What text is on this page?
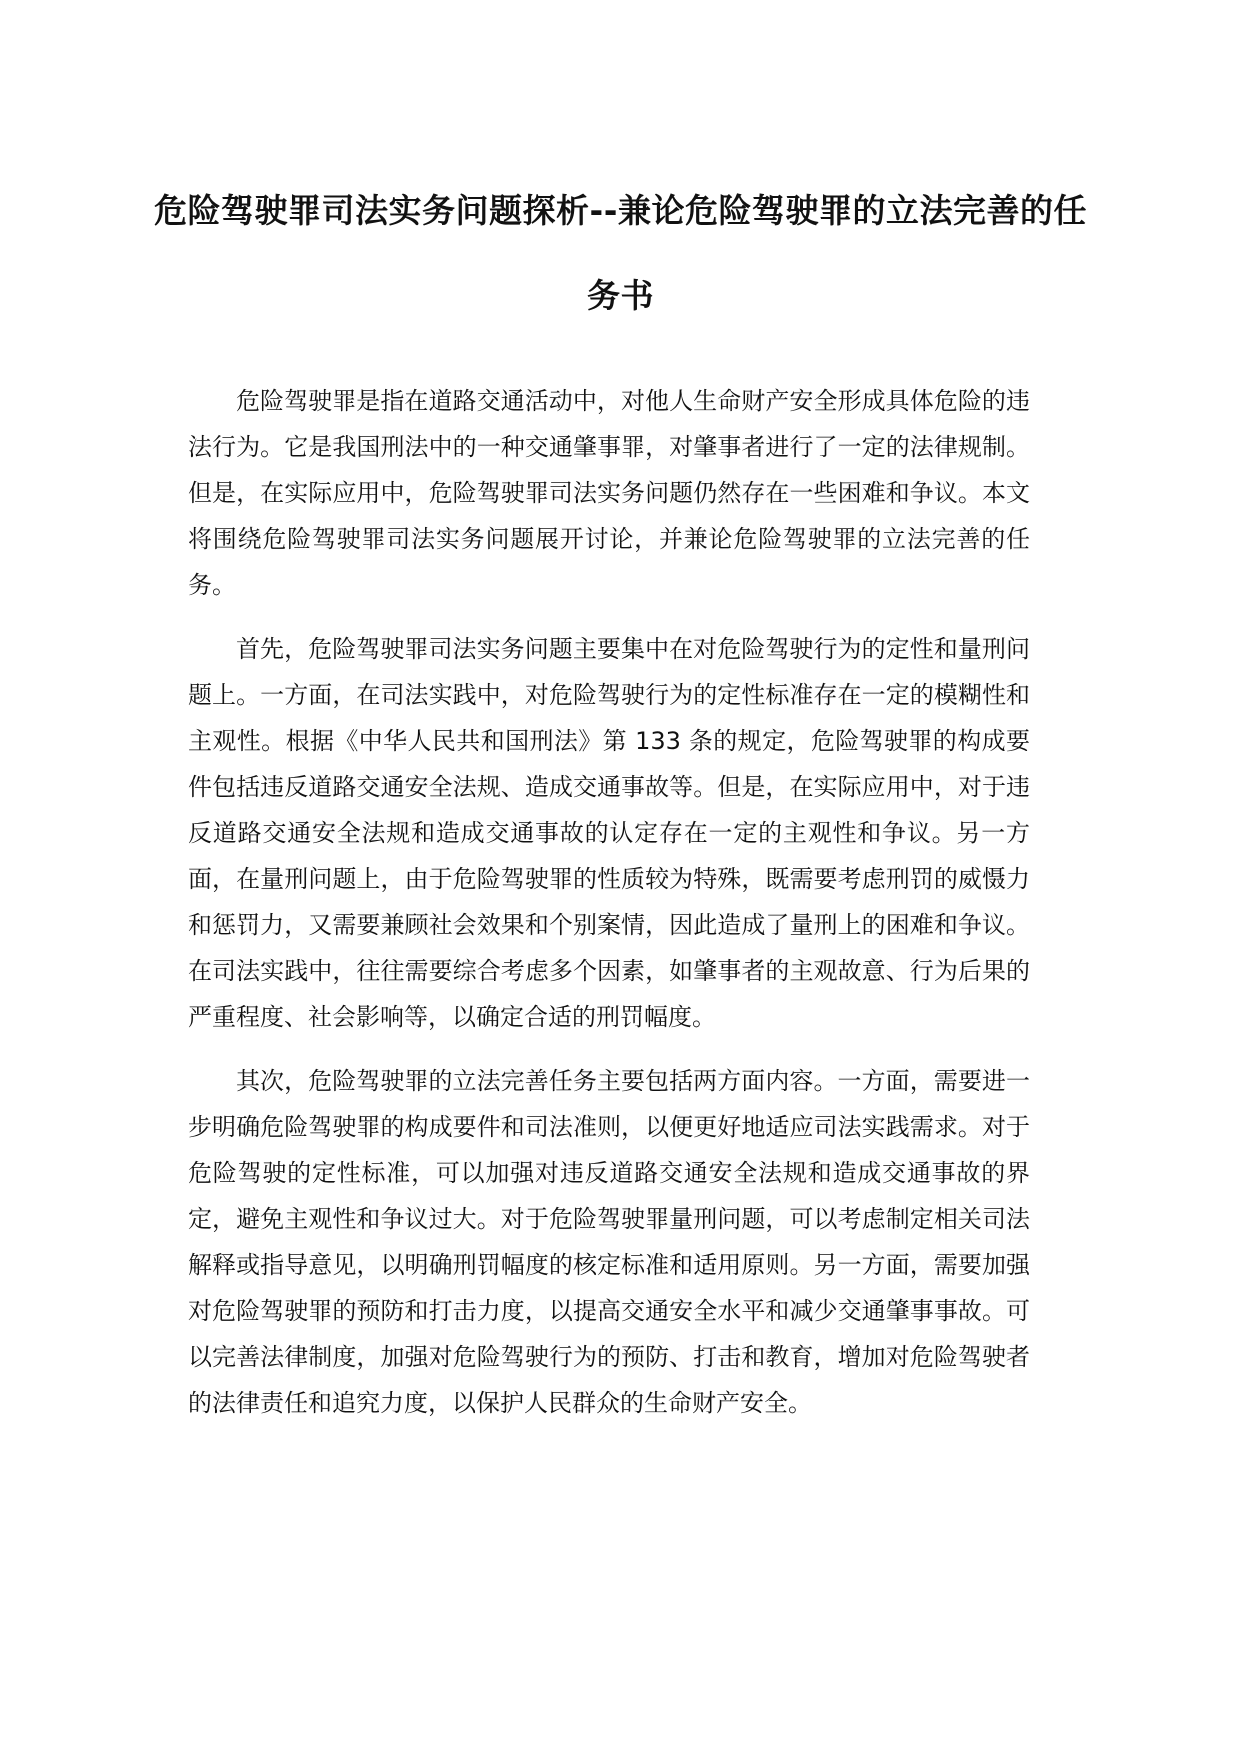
危险驾驶罪司法实务问题探析--兼论危险驾驶罪的立法完善的任务书

危险驾驶罪是指在道路交通活动中，对他人生命财产安全形成具体危险的违法行为。它是我国刑法中的一种交通肇事罪，对肇事者进行了一定的法律规制。但是，在实际应用中，危险驾驶罪司法实务问题仍然存在一些困难和争议。本文将围绕危险驾驶罪司法实务问题展开讨论，并兼论危险驾驶罪的立法完善的任务。

首先，危险驾驶罪司法实务问题主要集中在对危险驾驶行为的定性和量刑问题上。一方面，在司法实践中，对危险驾驶行为的定性标准存在一定的模糊性和主观性。根据《中华人民共和国刑法》第 133 条的规定，危险驾驶罪的构成要件包括违反道路交通安全法规、造成交通事故等。但是，在实际应用中，对于违反道路交通安全法规和造成交通事故的认定存在一定的主观性和争议。另一方面，在量刑问题上，由于危险驾驶罪的性质较为特殊，既需要考虑刑罚的威慑力和惩罚力，又需要兼顾社会效果和个别案情，因此造成了量刑上的困难和争议。在司法实践中，往往需要综合考虑多个因素，如肇事者的主观故意、行为后果的严重程度、社会影响等，以确定合适的刑罚幅度。

其次，危险驾驶罪的立法完善任务主要包括两方面内容。一方面，需要进一步明确危险驾驶罪的构成要件和司法准则，以便更好地适应司法实践需求。对于危险驾驶的定性标准，可以加强对违反道路交通安全法规和造成交通事故的界定，避免主观性和争议过大。对于危险驾驶罪量刑问题，可以考虑制定相关司法解释或指导意见，以明确刑罚幅度的核定标准和适用原则。另一方面，需要加强对危险驾驶罪的预防和打击力度，以提高交通安全水平和减少交通肇事事故。可以完善法律制度，加强对危险驾驶行为的预防、打击和教育，增加对危险驾驶者的法律责任和追究力度，以保护人民群众的生命财产安全。
